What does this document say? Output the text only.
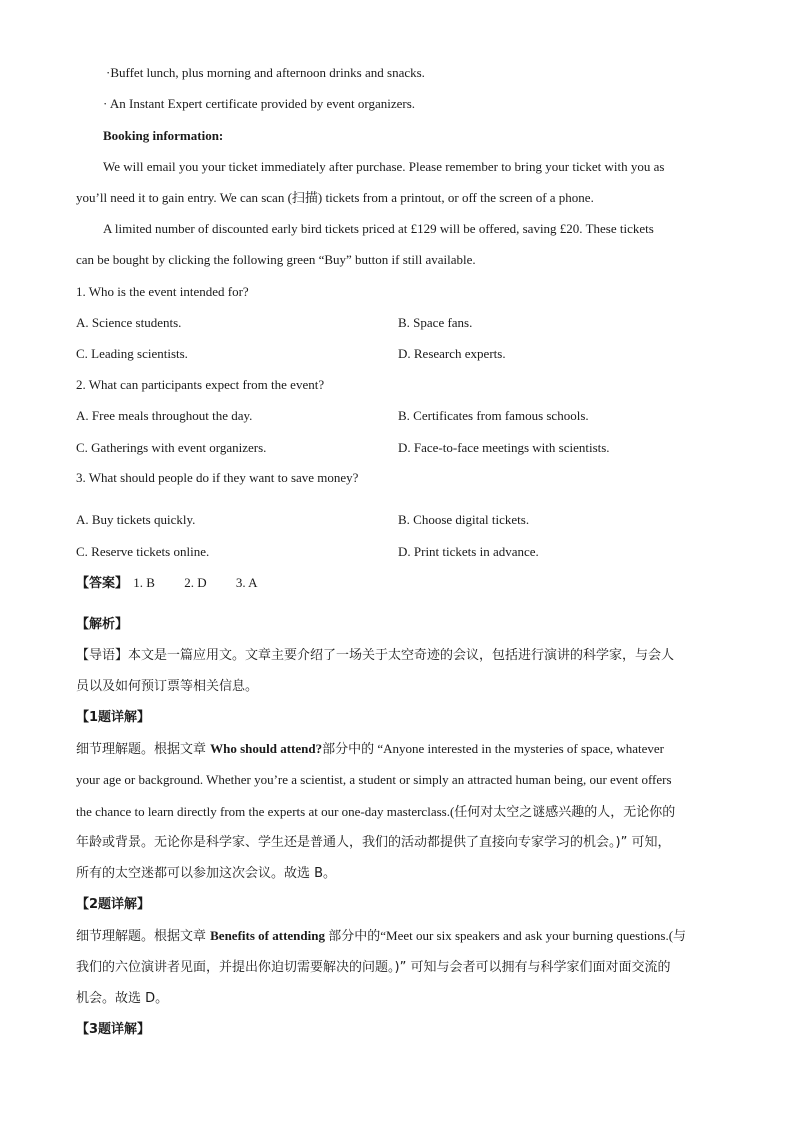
·Buffet lunch, plus morning and afternoon drinks and snacks.
· An Instant Expert certificate provided by event organizers.
Booking information:
We will email you your ticket immediately after purchase. Please remember to bring your ticket with you as
you’ll need it to gain entry. We can scan (扫描) tickets from a printout, or off the screen of a phone.
A limited number of discounted early bird tickets priced at £129 will be offered, saving £20. These tickets
can be bought by clicking the following green “Buy” button if still available.
1. Who is the event intended for?
A. Science students.	B. Space fans.
C. Leading scientists.	D. Research experts.
2. What can participants expect from the event?
A. Free meals throughout the day.	B. Certificates from famous schools.
C. Gatherings with event organizers.	D. Face-to-face meetings with scientists.
3. What should people do if they want to save money?
A. Buy tickets quickly.	B. Choose digital tickets.
C. Reserve tickets online.	D. Print tickets in advance.
【答案】 1. B 2. D 3. A
【解析】
【导语】本文是一篇应用文。文章主要介绍了一场关于太空奇迹的会议，包括进行演讲的科学家，与会人
员以及如何预订票等相关信息。
【1题详解】
细节理解题。根据文章 Who should attend?部分中的 “Anyone interested in the mysteries of space, whatever
your age or background. Whether you’re a scientist, a student or simply an attracted human being, our event offers
the chance to learn directly from the experts at our one-day masterclass.(任何对太空之谜感兴趣的人，无论你的
年龄或背景。无论你是科学家、学生还是普通人，我们的活动都提供了直接向专家学习的机会。)” 可知，
所有的太空迷都可以参加这次会议。故选 B。
【2题详解】
细节理解题。根据文章 Benefits of attending 部分中的“Meet our six speakers and ask your burning questions.(与
我们的六位演讲者见面，并提出你迫切需要解决的问题。)” 可知与会者可以拥有与科学家们面对面交流的
机会。故选 D。
【3题详解】
